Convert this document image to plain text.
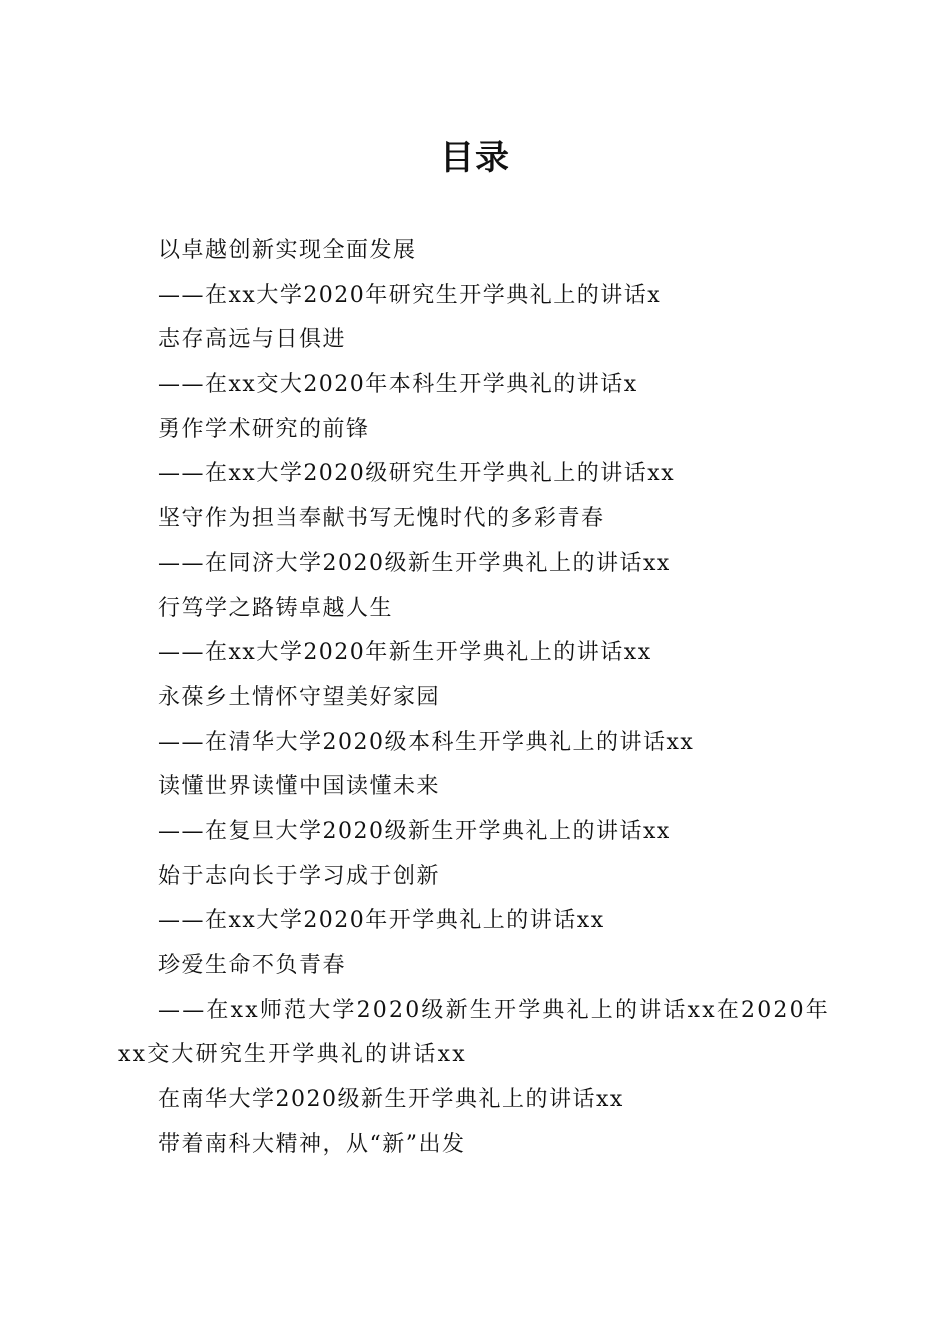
目录
以卓越创新实现全面发展
——在xx大学2020年研究生开学典礼上的讲话x
志存高远与日俱进
——在xx交大2020年本科生开学典礼的讲话x
勇作学术研究的前锋
——在xx大学2020级研究生开学典礼上的讲话xx
坚守作为担当奉献书写无愧时代的多彩青春
——在同济大学2020级新生开学典礼上的讲话xx
行笃学之路铸卓越人生
——在xx大学2020年新生开学典礼上的讲话xx
永葆乡土情怀守望美好家园
——在清华大学2020级本科生开学典礼上的讲话xx
读懂世界读懂中国读懂未来
——在复旦大学2020级新生开学典礼上的讲话xx
始于志向长于学习成于创新
——在xx大学2020年开学典礼上的讲话xx
珍爱生命不负青春
——在xx师范大学2020级新生开学典礼上的讲话xx在2020年xx交大研究生开学典礼的讲话xx
在南华大学2020级新生开学典礼上的讲话xx
带着南科大精神，从“新”出发
